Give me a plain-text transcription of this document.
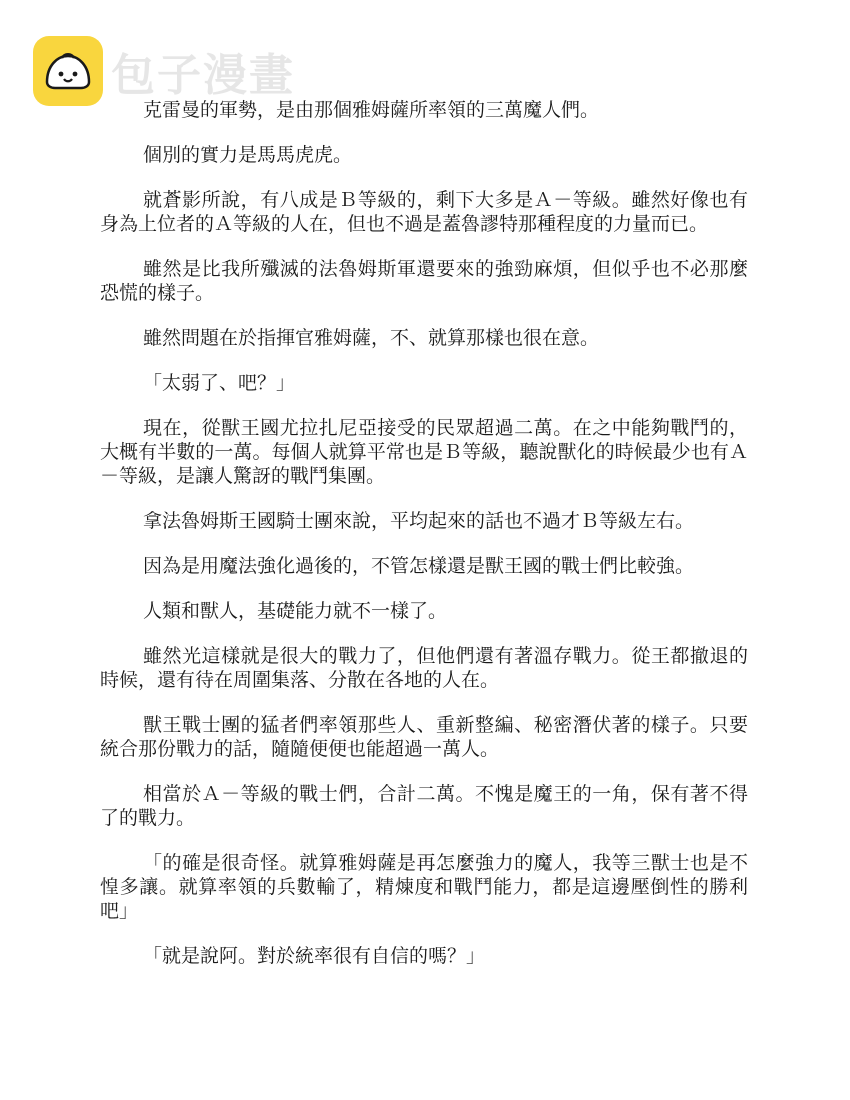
包子漫畫

克雷曼的軍勢，是由那個雅姆薩所率領的三萬魔人們。

個別的實力是馬馬虎虎。

就蒼影所說，有八成是Ｂ等級的，剩下大多是Ａ－等級。雖然好像也有身為上位者的Ａ等級的人在，但也不過是蓋魯謬特那種程度的力量而已。

雖然是比我所殲滅的法魯姆斯軍還要來的強勁麻煩，但似乎也不必那麼恐慌的樣子。

雖然問題在於指揮官雅姆薩，不、就算那樣也很在意。

「太弱了、吧？」

現在，從獸王國尤拉扎尼亞接受的民眾超過二萬。在之中能夠戰鬥的，大概有半數的一萬。每個人就算平常也是Ｂ等級，聽說獸化的時候最少也有Ａ－等級，是讓人驚訝的戰鬥集團。

拿法魯姆斯王國騎士團來說，平均起來的話也不過才Ｂ等級左右。

因為是用魔法強化過後的，不管怎樣還是獸王國的戰士們比較強。

人類和獸人，基礎能力就不一樣了。

雖然光這樣就是很大的戰力了，但他們還有著溫存戰力。從王都撤退的時候，還有待在周圍集落、分散在各地的人在。

獸王戰士團的猛者們率領那些人、重新整編、秘密潛伏著的樣子。只要統合那份戰力的話，隨隨便便也能超過一萬人。

相當於Ａ－等級的戰士們，合計二萬。不愧是魔王的一角，保有著不得了的戰力。

「的確是很奇怪。就算雅姆薩是再怎麼強力的魔人，我等三獸士也是不惶多讓。就算率領的兵數輸了，精煉度和戰鬥能力，都是這邊壓倒性的勝利吧」

「就是說阿。對於統率很有自信的嗎？」
